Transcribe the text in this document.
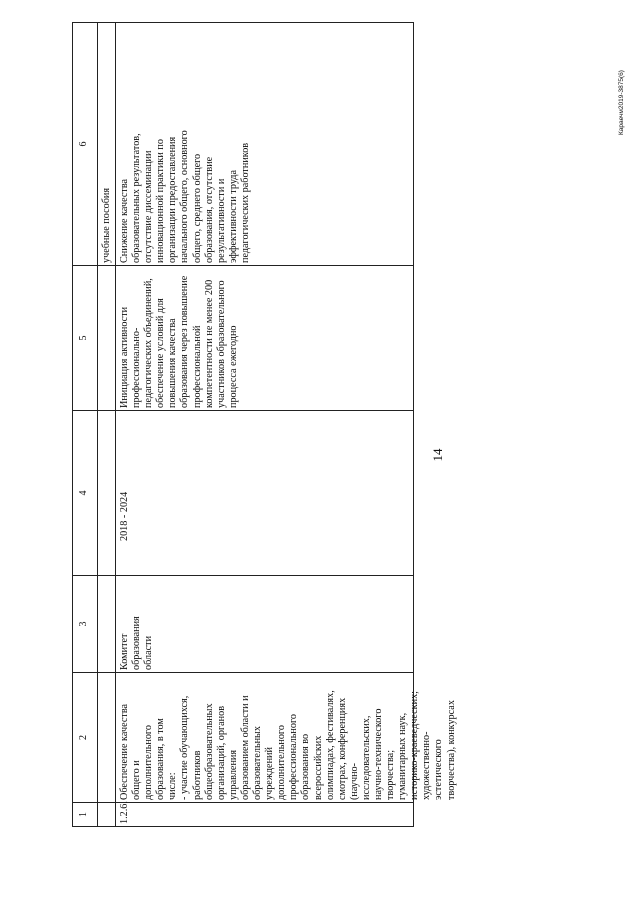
14
Караечм2019-3875(6)
1
2
3
4
5
6
учебные пособия
1.2.6.
Обеспечение качества
общего и
дополнительного
образования, в том
числе:
- участие обучающихся,
работников
общеобразовательных
организаций, органов
управления
образованием области и
образовательных
учреждений
дополнительного
профессионального
образования во
всероссийских
олимпиадах, фестивалях,
смотрах, конференциях
(научно-
исследовательских,
научно-технического
творчества;
гуманитарных наук,
историко-краеведческих;
художественно-
эстетического
творчества), конкурсах
Комитет
образования
области
2018 - 2024
Инициация активности
профессионально-
педагогических объединений,
обеспечение условий для
повышения качества
образования через повышение
профессиональной
компетентности не менее 200
участников образовательного
процесса ежегодно
Снижение качества
образовательных результатов,
отсутствие диссеминации
инновационной практики по
организации предоставления
начального общего, основного
общего, среднего общего
образования, отсутствие
результативности и
эффективности труда
педагогических работников
